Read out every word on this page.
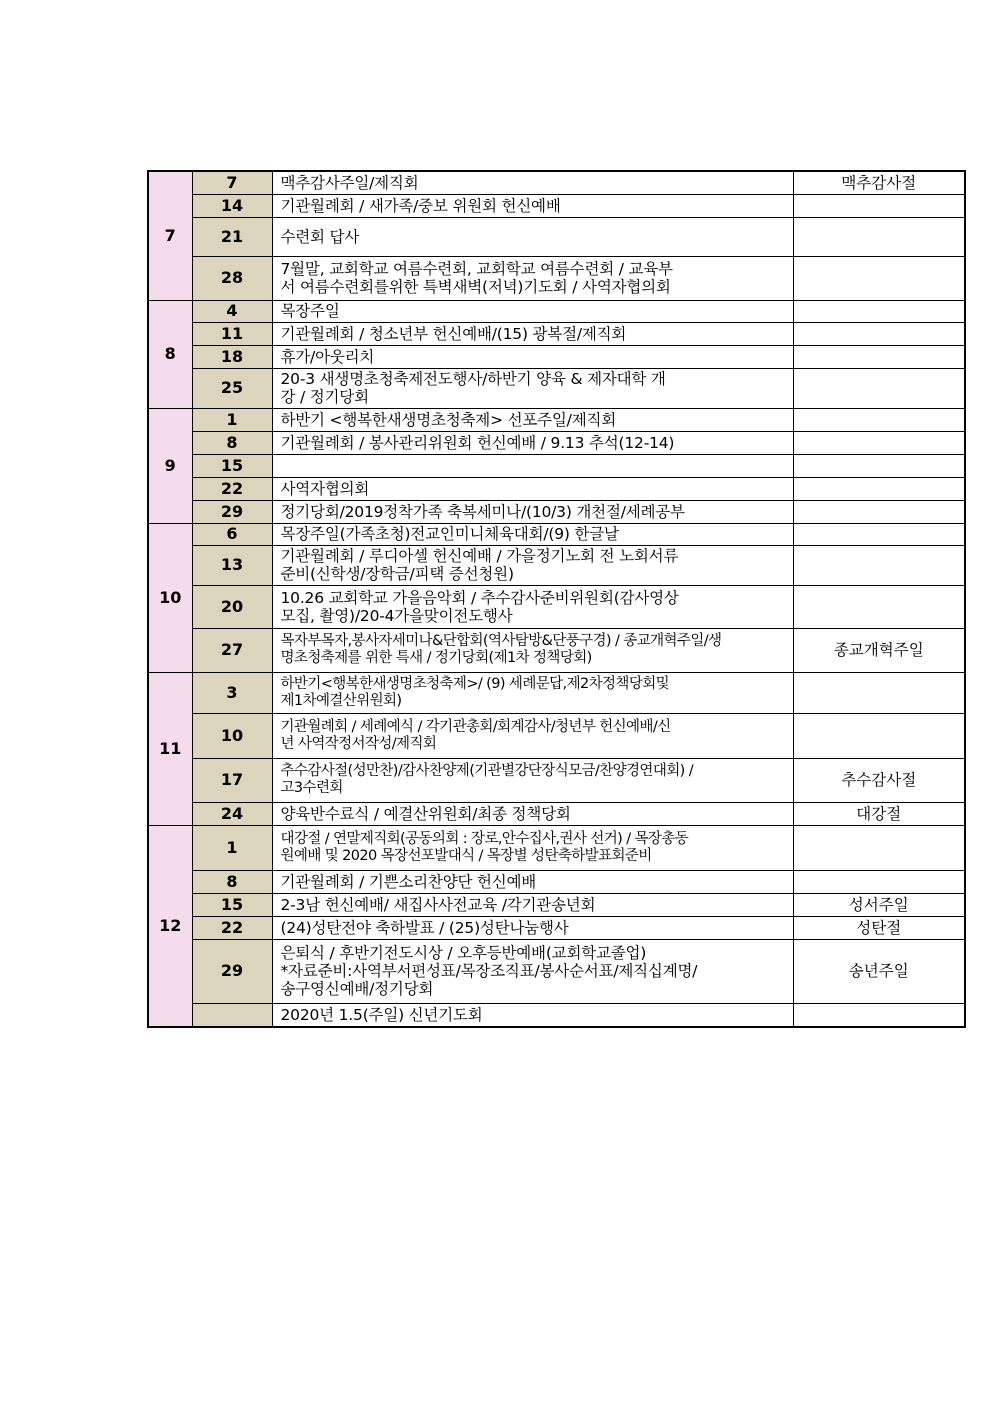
7	7	맥추감사주일/제직회	맥추감사절
	14	기관월례회 / 새가족/중보 위원회 헌신예배	

	21	수련회 답사	

	28	7월말, 교회학교 여름수련회, 교회학교 여름수련회 / 교육부
서 여름수련회를위한 특벽새벽(저녁)기도회 / 사역자협의회	

8	4	목장주일	

	11	기관월례회 / 청소년부 헌신예배/(15) 광복절/제직회	

	18	휴가/아웃리치	

	25	20-3 새생명초청축제전도행사/하반기 양육 & 제자대학 개
강 / 정기당회	

9	1	하반기 <행복한새생명초청축제> 선포주일/제직회	

	8	기관월례회 / 봉사관리위원회 헌신예배 / 9.13 추석(12-14)	

	15	

	22	사역자협의회	

	29	정기당회/2019정착가족 축복세미나/(10/3) 개천절/세례공부	

10	6	목장주일(가족초청)전교인미니체육대회/(9) 한글날	

	13	기관월례회 / 루디아셀 헌신예배 / 가을정기노회 전 노회서류
준비(신학생/장학금/피택 증선청원)	

	20	10.26 교회학교 가을음악회 / 추수감사준비위원회(감사영상
모집, 촬영)/20-4가을맞이전도행사	

	27	목자부목자,봉사자세미나&단합회(역사탐방&단풍구경) / 종교개혁주일/생
명초청축제를 위한 특새 / 정기당회(제1차 정책당회)	종교개혁주일
11	3	하반기<행복한새생명초청축제>/ (9) 세례문답,제2차정책당회및
제1차예결산위원회)	

	10	기관월례회 / 세례예식 / 각기관총회/회계감사/청년부 헌신예배/신
년 사역작정서작성/제직회	

	17	추수감사절(성만찬)/감사찬양제(기관별강단장식모금/찬양경연대회) /
고3수련회	추수감사절
	24	양육반수료식 / 예결산위원회/최종 정책당회	대강절
12	1	대강절 / 연말제직회(공동의회 : 장로,안수집사,권사 선거) / 목장총동
원예배 및 2020 목장선포발대식 / 목장별 성탄축하발표회준비	

	8	기관월례회 / 기쁜소리찬양단 헌신예배	

	15	2-3남 헌신예배/ 새집사사전교육 /각기관송년회	성서주일
	22	(24)성탄전야 축하발표 / (25)성탄나눔행사	성탄절
	29	은퇴식 / 후반기전도시상 / 오후등반예배(교회학교졸업)
*자료준비:사역부서편성표/목장조직표/봉사순서표/제직십계명/
송구영신예배/정기당회	송년주일

		2020년 1.5(주일) 신년기도회	
